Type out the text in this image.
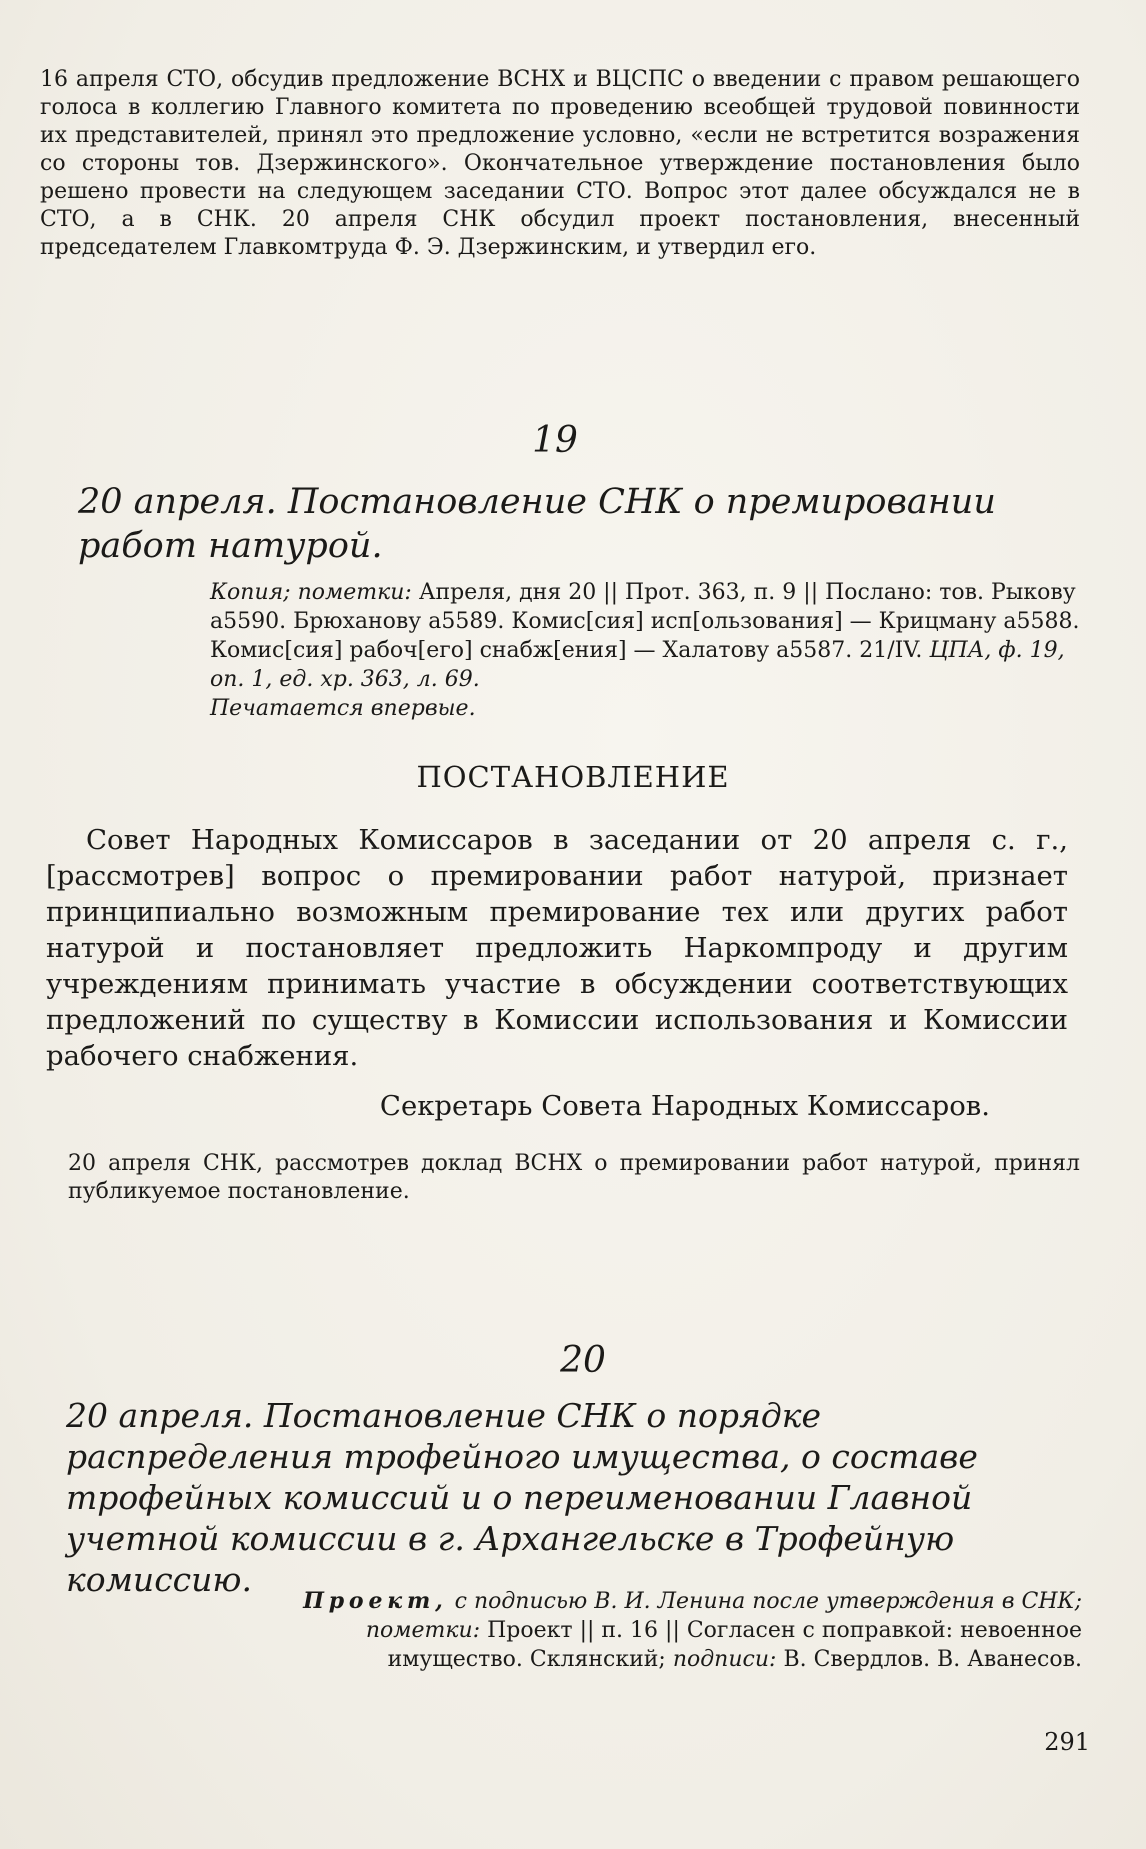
16 апреля СТО, обсудив предложение ВСНХ и ВЦСПС о введении с правом решающего голоса в коллегию Главного комитета по проведению всеобщей трудовой повинности их представителей, принял это предложение условно, «если не встретится возражения со стороны тов. Дзержинского». Окончательное утверждение постановления было решено провести на следующем заседании СТО. Вопрос этот далее обсуждался не в СТО, а в СНК. 20 апреля СНК обсудил проект постановления, внесенный председателем Главкомтруда Ф. Э. Дзержинским, и утвердил его.

19

20 апреля. Постановление СНК о премировании работ натурой.

Копия; пометки: Апреля, дня 20 || Прот. 363, п. 9 || Послано: тов. Рыкову а5590. Брюханову а5589. Комис[сия] исп[ользования] — Крицману а5588. Комис[сия] рабоч[его] снабж[ения] — Халатову а5587. 21/IV. ЦПА, ф. 19, оп. 1, ед. хр. 363, л. 69.
Печатается впервые.

ПОСТАНОВЛЕНИЕ

Совет Народных Комиссаров в заседании от 20 апреля с. г., [рассмотрев] вопрос о премировании работ натурой, признает принципиально возможным премирование тех или других работ натурой и постановляет предложить Наркомпроду и другим учреждениям принимать участие в обсуждении соответствующих предложений по существу в Комиссии использования и Комиссии рабочего снабжения.

Секретарь Совета Народных Комиссаров.

20 апреля СНК, рассмотрев доклад ВСНХ о премировании работ натурой, принял публикуемое постановление.

20

20 апреля. Постановление СНК о порядке распределения трофейного имущества, о составе трофейных комиссий и о переименовании Главной учетной комиссии в г. Архангельске в Трофейную комиссию.

Проект, с подписью В. И. Ленина после утверждения в СНК; пометки: Проект || п. 16 || Согласен с поправкой: невоенное имущество. Склянский; подписи: В. Свердлов. В. Аванесов.

291
